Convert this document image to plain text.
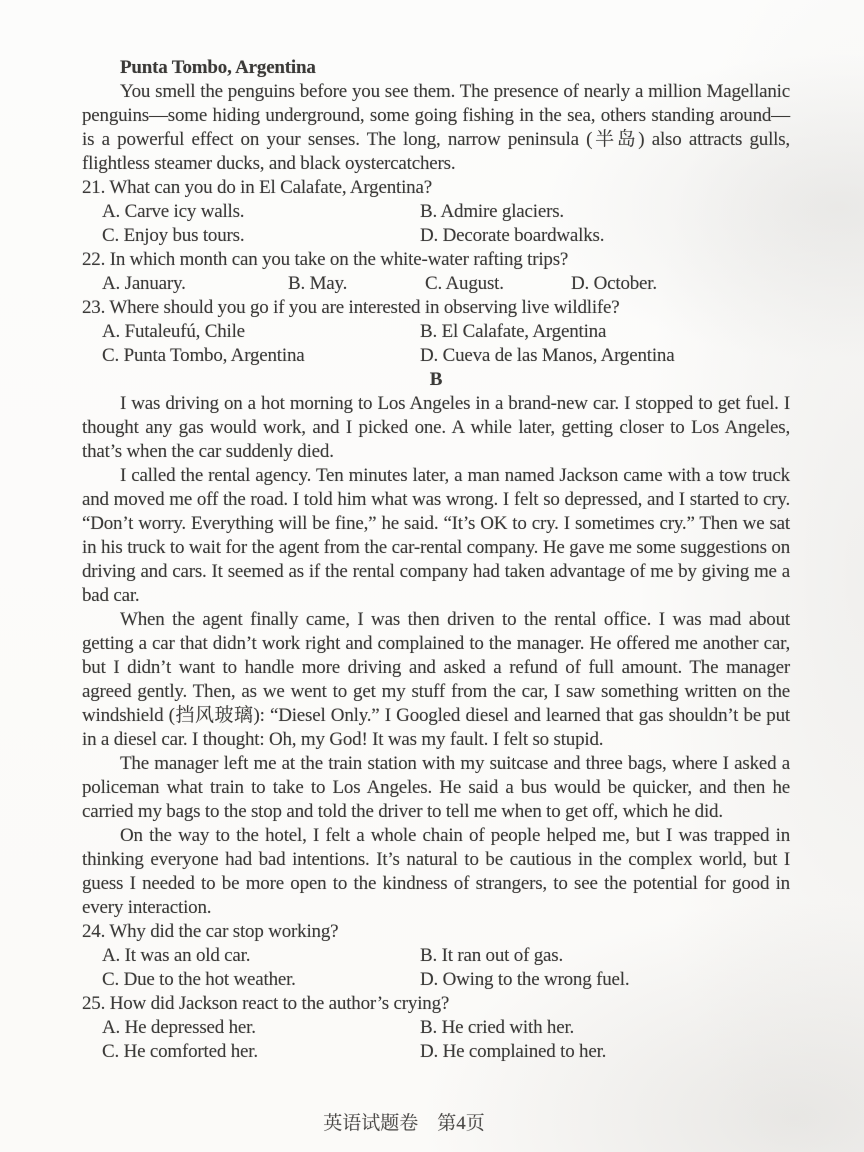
Punta Tombo, Argentina

You smell the penguins before you see them. The presence of nearly a million Magellanic penguins—some hiding underground, some going fishing in the sea, others standing around—is a powerful effect on your senses. The long, narrow peninsula (半岛) also attracts gulls, flightless steamer ducks, and black oystercatchers.

21. What can you do in El Calafate, Argentina?

A. Carve icy walls.	B. Admire glaciers.
C. Enjoy bus tours.	D. Decorate boardwalks.

22. In which month can you take on the white-water rafting trips?

A. January.	B. May.	C. August.	D. October.

23. Where should you go if you are interested in observing live wildlife?

A. Futaleufú, Chile	B. El Calafate, Argentina
C. Punta Tombo, Argentina	D. Cueva de las Manos, Argentina

B

I was driving on a hot morning to Los Angeles in a brand-new car. I stopped to get fuel. I thought any gas would work, and I picked one. A while later, getting closer to Los Angeles, that’s when the car suddenly died.

I called the rental agency. Ten minutes later, a man named Jackson came with a tow truck and moved me off the road. I told him what was wrong. I felt so depressed, and I started to cry. “Don’t worry. Everything will be fine,” he said. “It’s OK to cry. I sometimes cry.” Then we sat in his truck to wait for the agent from the car-rental company. He gave me some suggestions on driving and cars. It seemed as if the rental company had taken advantage of me by giving me a bad car.

When the agent finally came, I was then driven to the rental office. I was mad about getting a car that didn’t work right and complained to the manager. He offered me another car, but I didn’t want to handle more driving and asked a refund of full amount. The manager agreed gently. Then, as we went to get my stuff from the car, I saw something written on the windshield (挡风玻璃): “Diesel Only.” I Googled diesel and learned that gas shouldn’t be put in a diesel car. I thought: Oh, my God! It was my fault. I felt so stupid.

The manager left me at the train station with my suitcase and three bags, where I asked a policeman what train to take to Los Angeles. He said a bus would be quicker, and then he carried my bags to the stop and told the driver to tell me when to get off, which he did.

On the way to the hotel, I felt a whole chain of people helped me, but I was trapped in thinking everyone had bad intentions. It’s natural to be cautious in the complex world, but I guess I needed to be more open to the kindness of strangers, to see the potential for good in every interaction.

24. Why did the car stop working?

A. It was an old car.	B. It ran out of gas.
C. Due to the hot weather.	D. Owing to the wrong fuel.

25. How did Jackson react to the author’s crying?

A. He depressed her.	B. He cried with her.
C. He comforted her.	D. He complained to her.
英语试题卷　第4页
